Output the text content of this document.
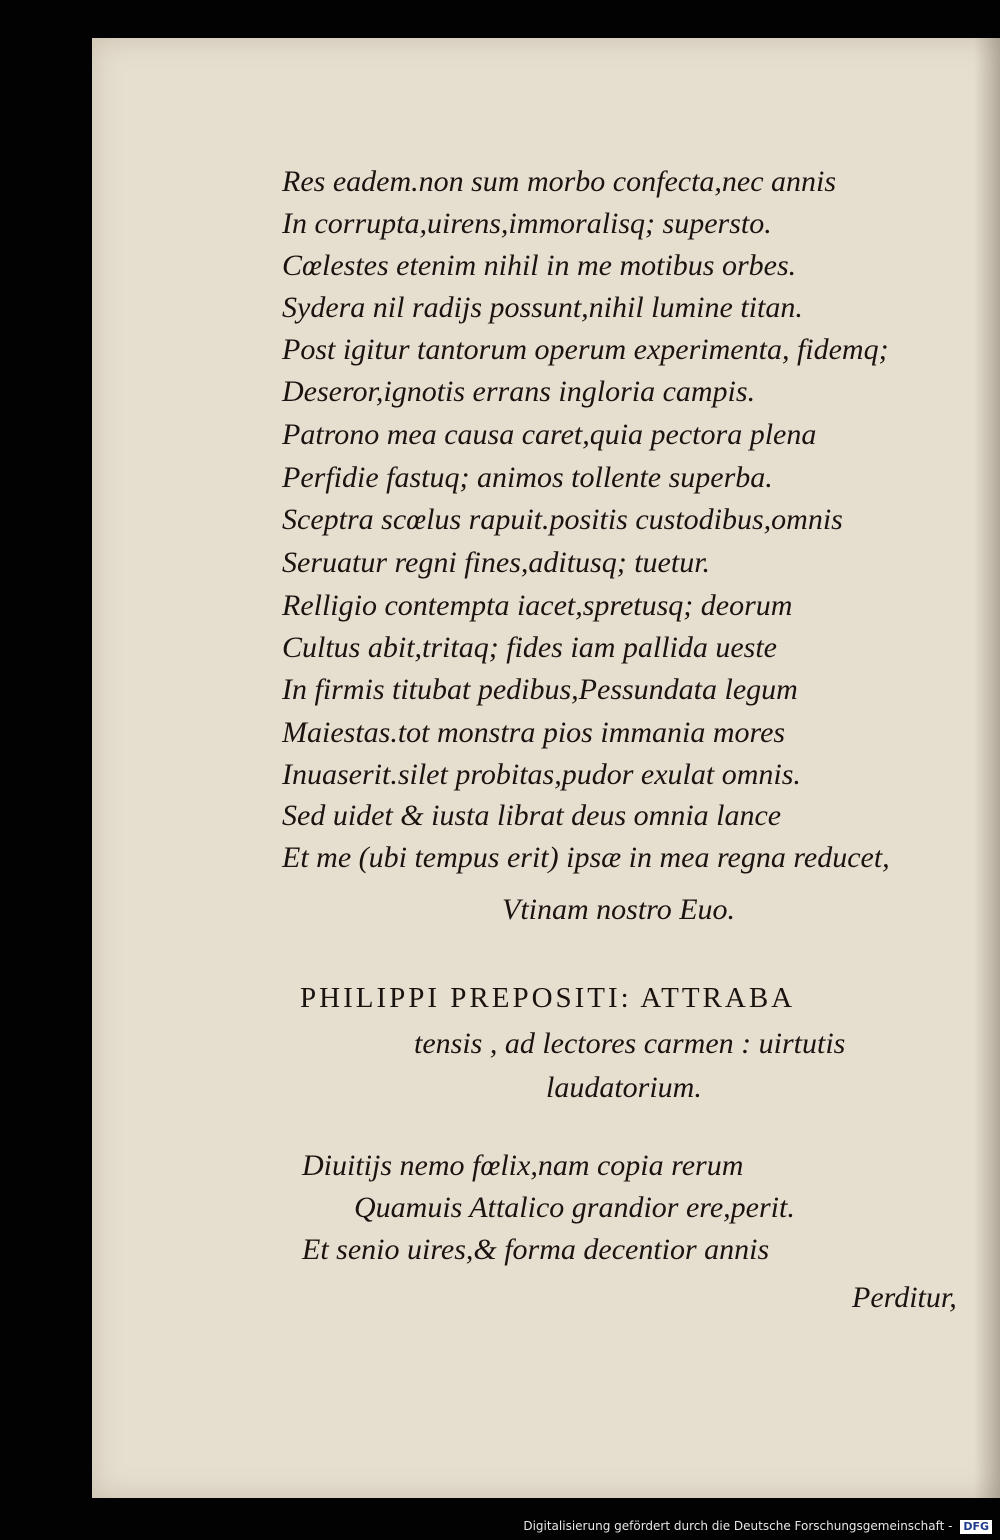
Res eadem.non sum morbo confecta,nec annis
In corrupta,uirens,immoralisq; supersto.
Cœlestes etenim nihil in me motibus orbes.
Sydera nil radijs possunt,nihil lumine titan.
Post igitur tantorum operum experimenta, fidemq;
Deseror,ignotis errans ingloria campis.
Patrono mea causa caret,quia pectora plena
Perfidie fastuq; animos tollente superba.
Sceptra scœlus rapuit.positis custodibus,omnis
Seruatur regni fines,aditusq; tuetur.
Relligio contempta iacet,spretusq; deorum
Cultus abit,tritaq; fides iam pallida ueste
In firmis titubat pedibus,Pessundata legum
Maiestas.tot monstra pios immania mores
Inuaserit.silet probitas,pudor exulat omnis.
Sed uidet & iusta librat deus omnia lance
Et me (ubi tempus erit) ipsæ in mea regna reducet,
Vtinam nostro Euo.
PHILIPPI PREPOSITI: ATTRABA
tensis , ad lectores carmen : uirtutis
laudatorium.
Diuitijs nemo fœlix,nam copia rerum
Quamuis Attalico grandior ere,perit.
Et senio uires,& forma decentior annis
Perditur,
Digitalisierung gefördert durch die Deutsche Forschungsgemeinschaft - DFG
